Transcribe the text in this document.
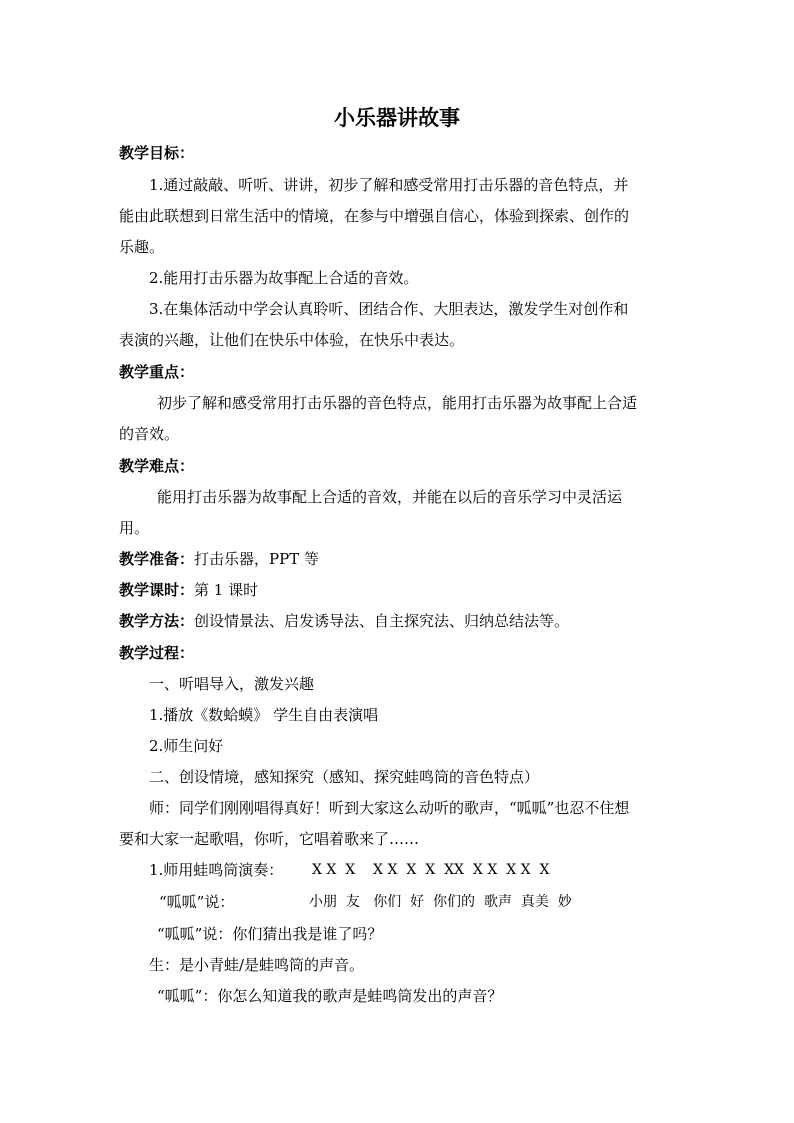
小乐器讲故事
教学目标：
1.通过敲敲、听听、讲讲，初步了解和感受常用打击乐器的音色特点，并
能由此联想到日常生活中的情境，在参与中增强自信心，体验到探索、创作的
乐趣。
2.能用打击乐器为故事配上合适的音效。
3.在集体活动中学会认真聆听、团结合作、大胆表达，激发学生对创作和
表演的兴趣，让他们在快乐中体验，在快乐中表达。
教学重点：
初步了解和感受常用打击乐器的音色特点，能用打击乐器为故事配上合适
的音效。
教学难点：
能用打击乐器为故事配上合适的音效，并能在以后的音乐学习中灵活运
用。
教学准备：打击乐器，PPT 等
教学课时：第 1 课时
教学方法：创设情景法、启发诱导法、自主探究法、归纳总结法等。
教学过程：
一、听唱导入，激发兴趣
1.播放《数蛤蟆》 学生自由表演唱
2.师生问好
二、创设情境，感知探究（感知、探究蛙鸣筒的音色特点）
师：同学们刚刚唱得真好！听到大家这么动听的歌声，“呱呱”也忍不住想
要和大家一起歌唱，你听，它唱着歌来了……
1.师用蛙鸣筒演奏： X X  X    X X  X  X  XX  X X  X X  X
“呱呱”说：	小朋  友   你们  好  你们的  歌声  真美  妙
“呱呱”说：你们猜出我是谁了吗？
生：是小青蛙/是蛙鸣筒的声音。
“呱呱”：你怎么知道我的歌声是蛙鸣筒发出的声音？
